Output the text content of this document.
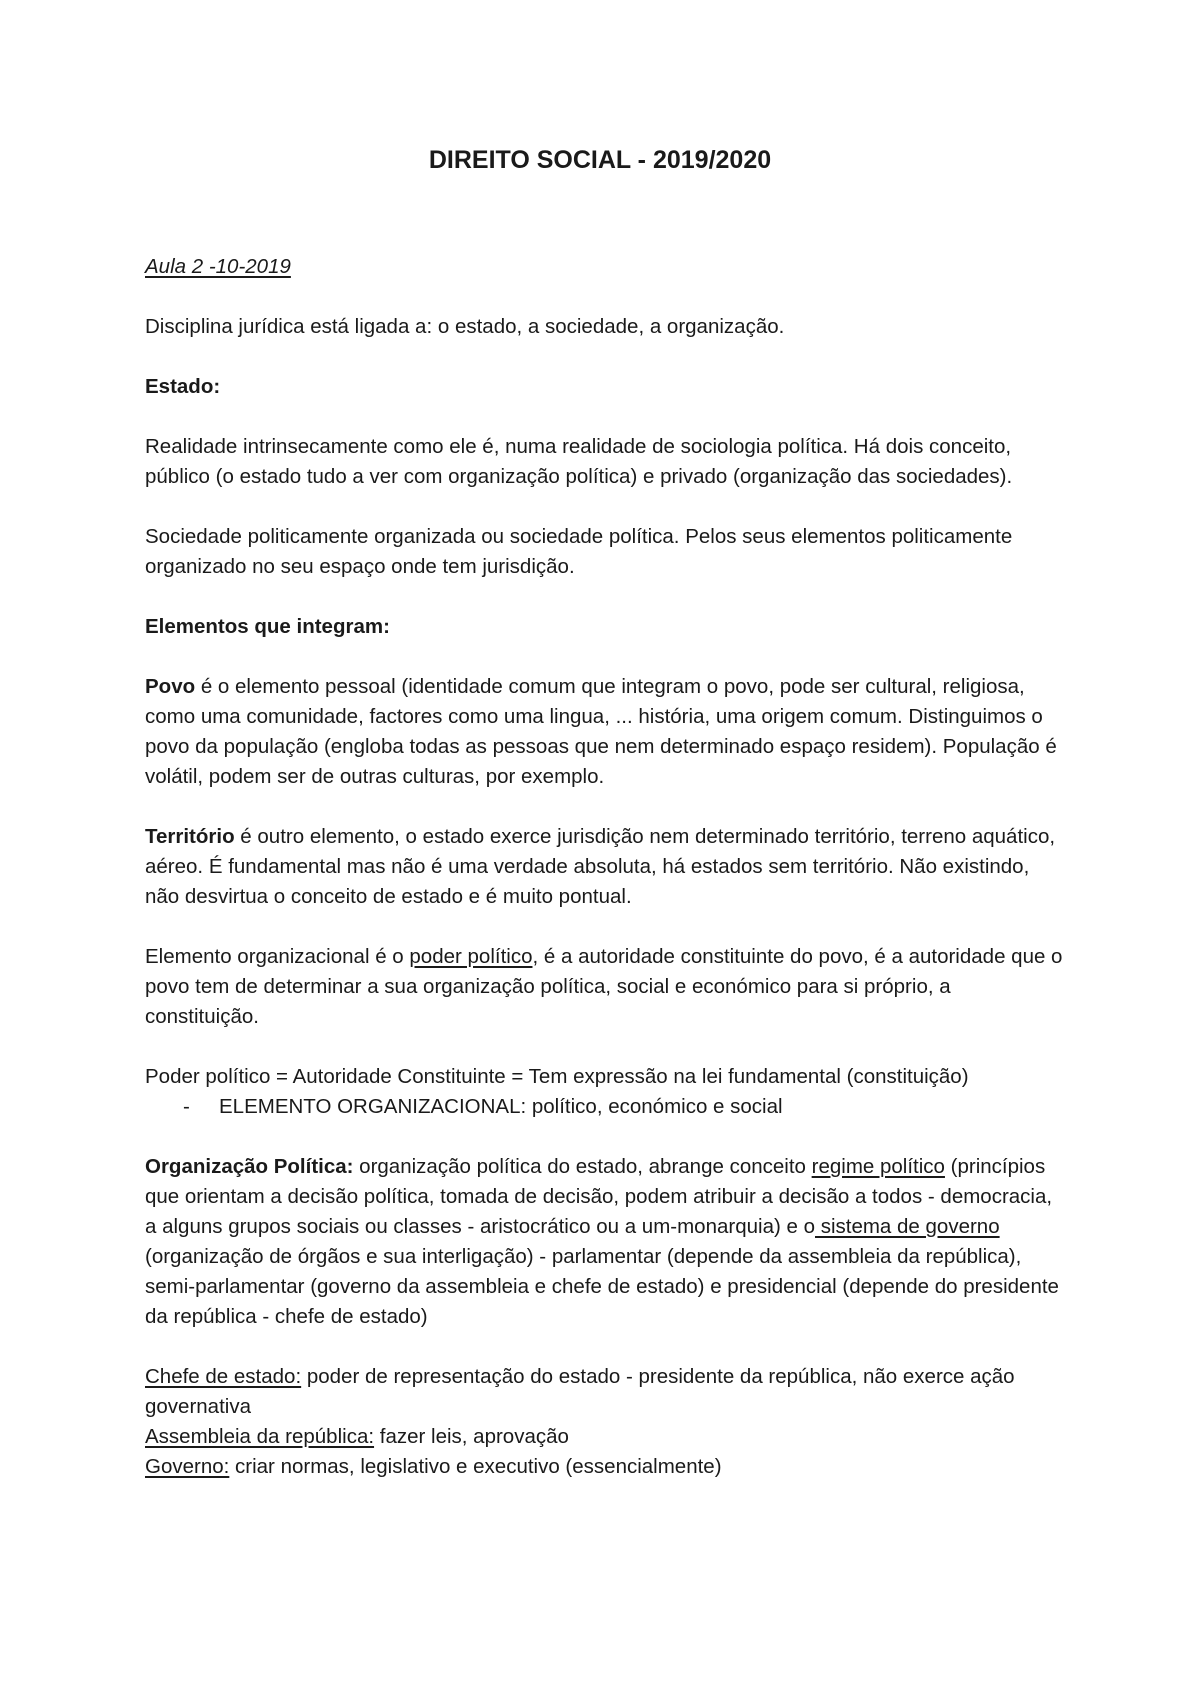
DIREITO SOCIAL - 2019/2020

Aula 2 -10-2019

Disciplina jurídica está ligada a: o estado, a sociedade, a organização.

Estado:

Realidade intrinsecamente como ele é, numa realidade de sociologia política. Há dois conceito, público (o estado tudo a ver com organização política) e privado (organização das sociedades).

Sociedade politicamente organizada ou sociedade política. Pelos seus elementos politicamente organizado no seu espaço onde tem jurisdição.

Elementos que integram:

Povo é o elemento pessoal (identidade comum que integram o povo, pode ser cultural, religiosa, como uma comunidade, factores como uma lingua, ... história, uma origem comum. Distinguimos o povo da população (engloba todas as pessoas que nem determinado espaço residem). População é volátil, podem ser de outras culturas, por exemplo.

Território é outro elemento, o estado exerce jurisdição nem determinado território, terreno aquático, aéreo. É fundamental mas não é uma verdade absoluta, há estados sem território. Não existindo, não desvirtua o conceito de estado e é muito pontual.

Elemento organizacional é o poder político, é a autoridade constituinte do povo, é a autoridade que o povo tem de determinar a sua organização política, social e económico para si próprio, a constituição.

Poder político = Autoridade Constituinte = Tem expressão na lei fundamental (constituição)

-	ELEMENTO ORGANIZACIONAL: político, económico e social

Organização Política: organização política do estado, abrange conceito regime político (princípios que orientam a decisão política, tomada de decisão, podem atribuir a decisão a todos - democracia, a alguns grupos sociais ou classes - aristocrático ou a um-monarquia) e o sistema de governo (organização de órgãos e sua interligação) - parlamentar (depende da assembleia da república), semi-parlamentar (governo da assembleia e chefe de estado) e presidencial (depende do presidente da república - chefe de estado)

Chefe de estado: poder de representação do estado - presidente da república, não exerce ação governativa

Assembleia da república: fazer leis, aprovação

Governo: criar normas, legislativo e executivo (essencialmente)
